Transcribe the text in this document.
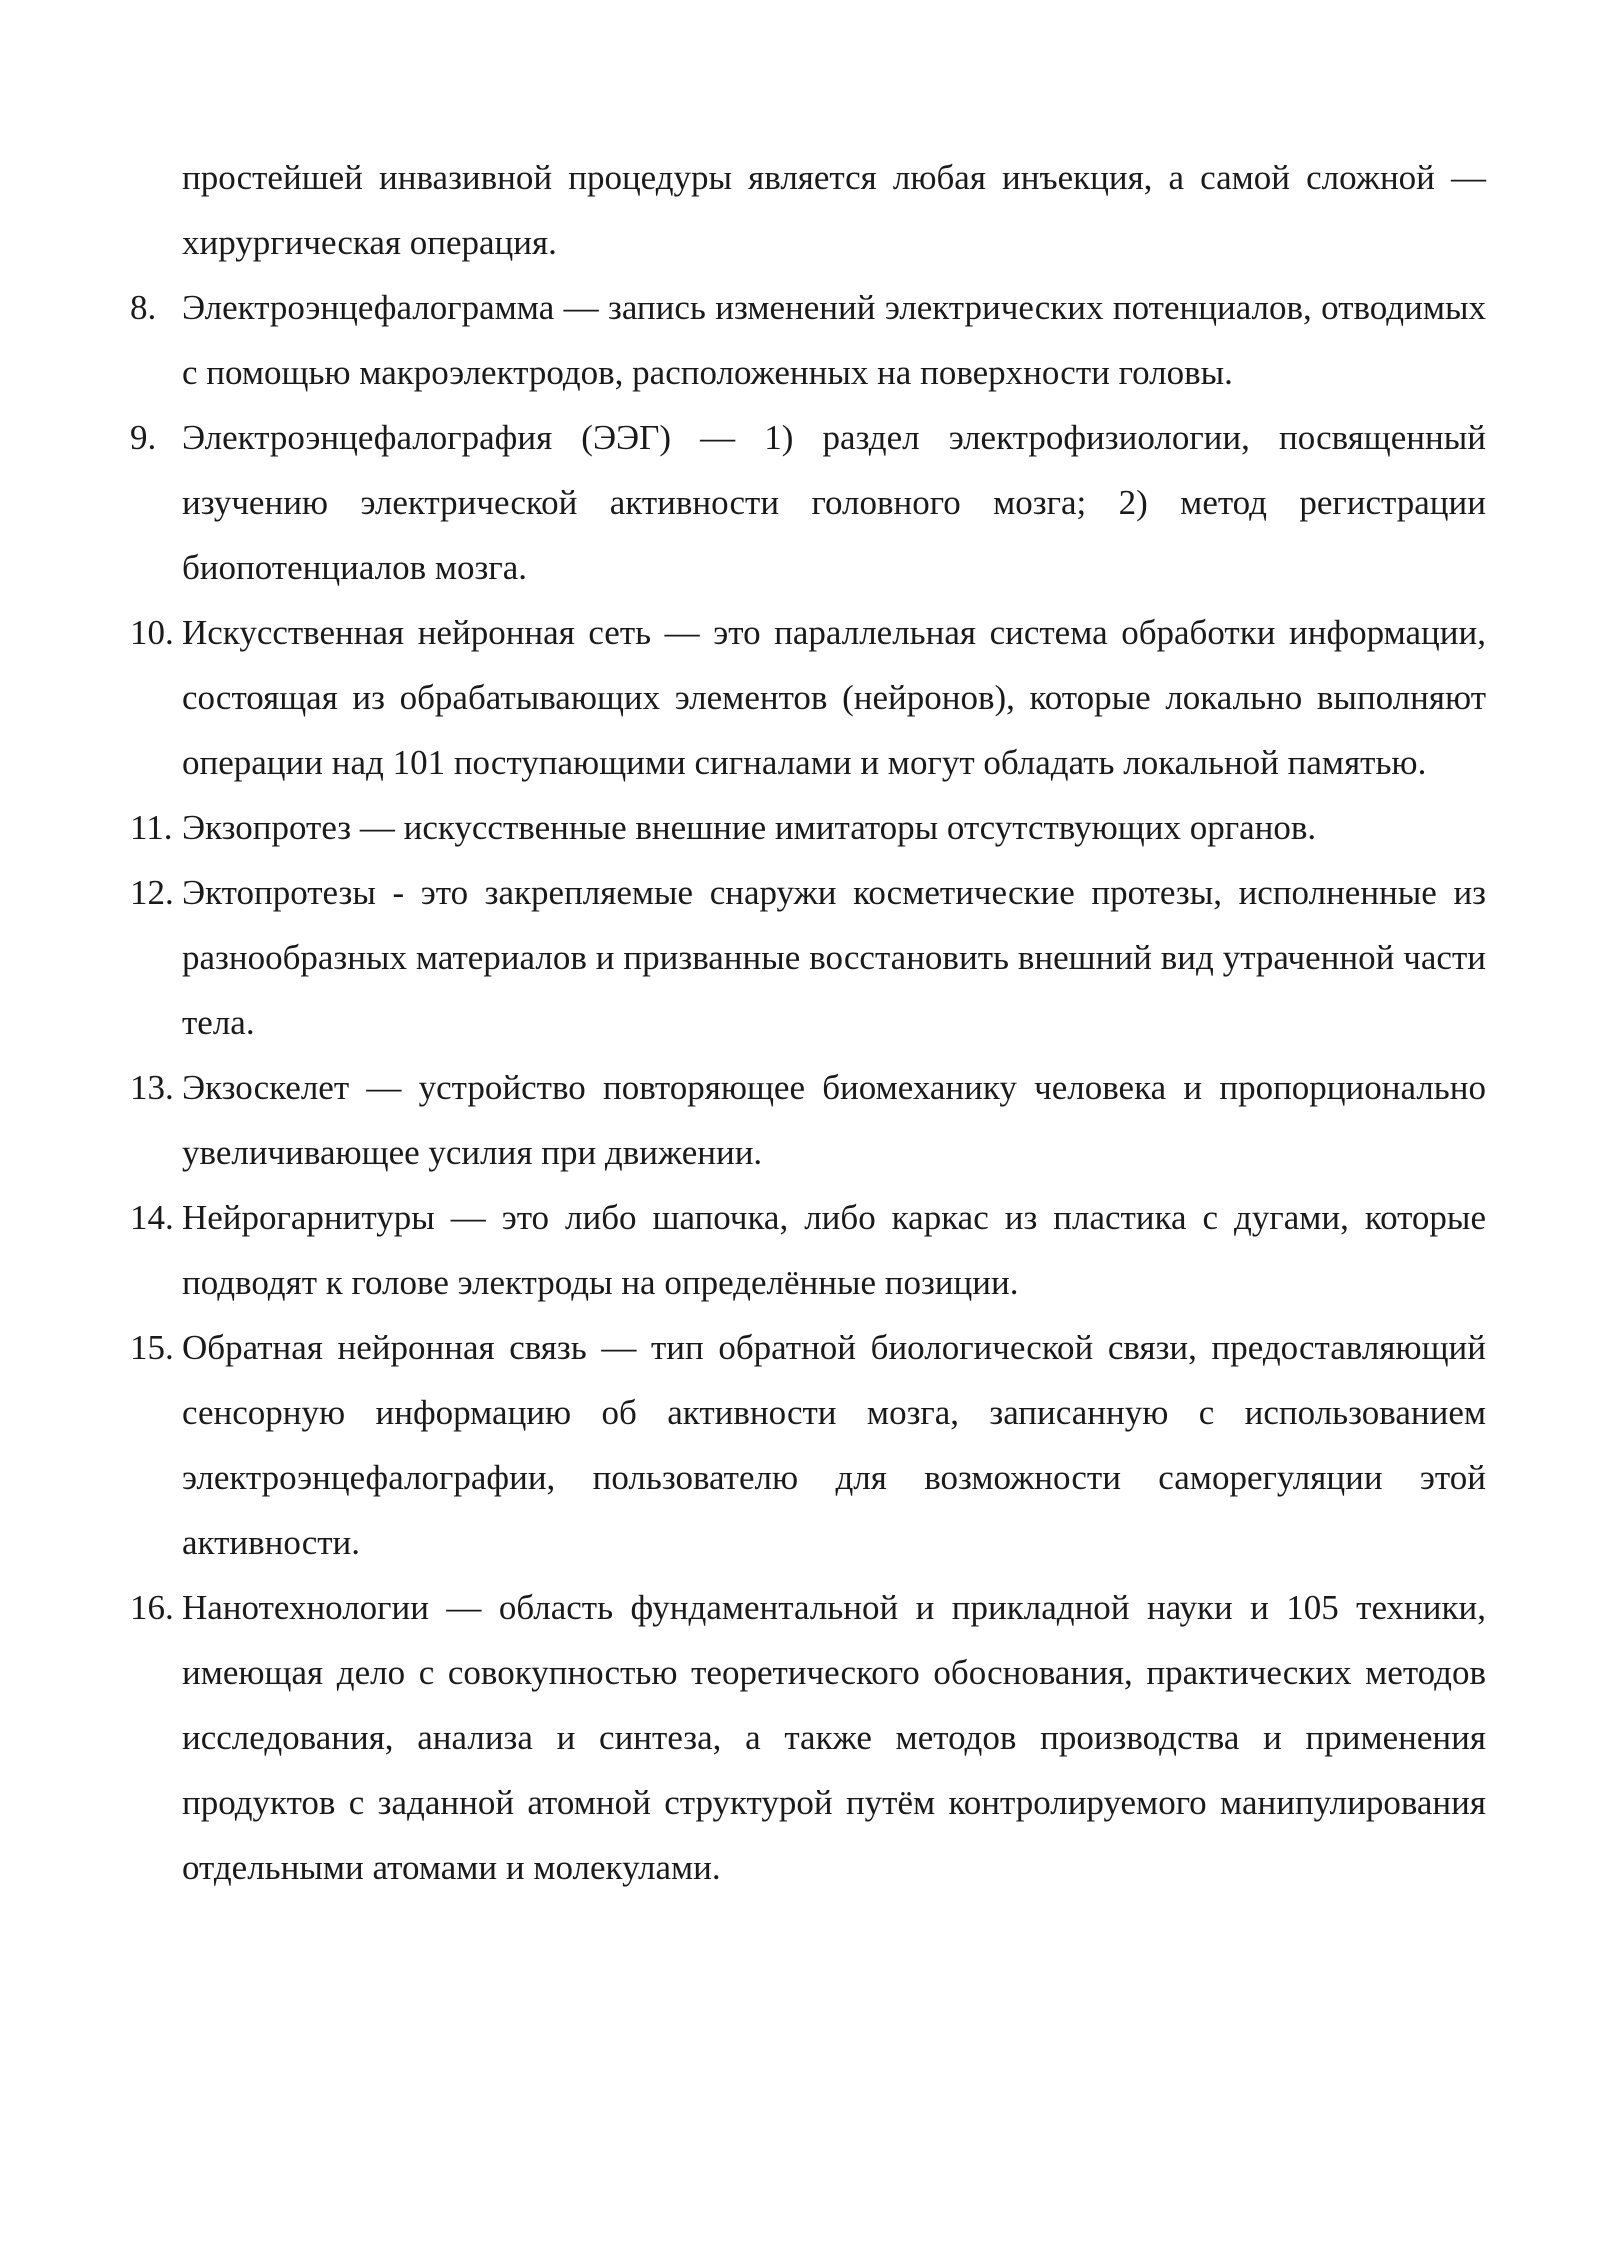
простейшей инвазивной процедуры является любая инъекция, а самой сложной — хирургическая операция.

8. Электроэнцефалограмма — запись изменений электрических потенциалов, отводимых с помощью макроэлектродов, расположенных на поверхности головы.

9. Электроэнцефалография (ЭЭГ) — 1) раздел электрофизиологии, посвященный изучению электрической активности головного мозга; 2) метод регистрации биопотенциалов мозга.

10. Искусственная нейронная сеть — это параллельная система обработки информации, состоящая из обрабатывающих элементов (нейронов), которые локально выполняют операции над 101 поступающими сигналами и могут обладать локальной памятью.

11. Экзопротез — искусственные внешние имитаторы отсутствующих органов.

12. Эктопротезы - это закрепляемые снаружи косметические протезы, исполненные из разнообразных материалов и призванные восстановить внешний вид утраченной части тела.

13. Экзоскелет — устройство повторяющее биомеханику человека и пропорционально увеличивающее усилия при движении.

14. Нейрогарнитуры — это либо шапочка, либо каркас из пластика с дугами, которые подводят к голове электроды на определённые позиции.

15. Обратная нейронная связь — тип обратной биологической связи, предоставляющий сенсорную информацию об активности мозга, записанную с использованием электроэнцефалографии, пользователю для возможности саморегуляции этой активности.

16. Нанотехнологии — область фундаментальной и прикладной науки и 105 техники, имеющая дело с совокупностью теоретического обоснования, практических методов исследования, анализа и синтеза, а также методов производства и применения продуктов с заданной атомной структурой путём контролируемого манипулирования отдельными атомами и молекулами.
